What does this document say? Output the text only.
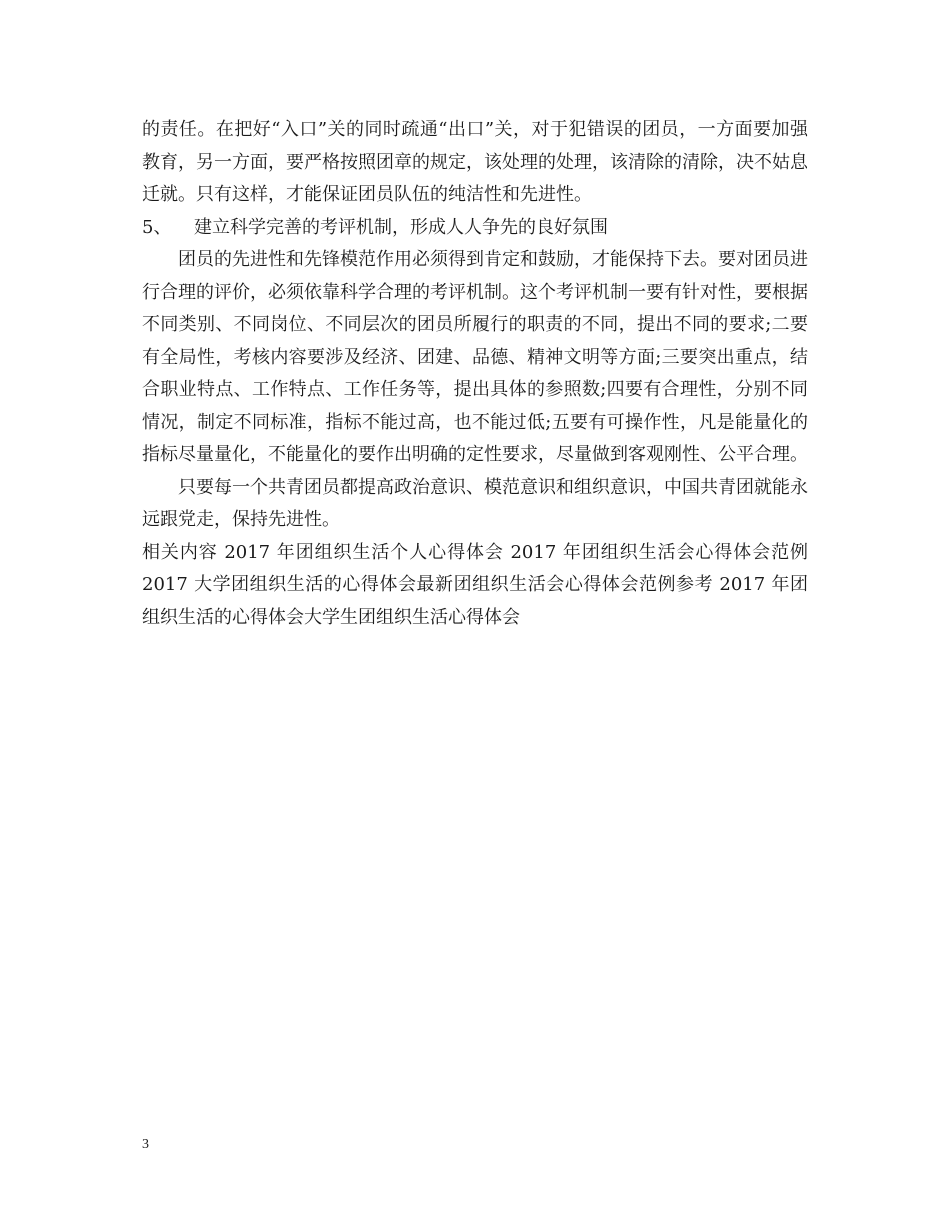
的责任。在把好“入口”关的同时疏通“出口”关，对于犯错误的团员，一方面要加强教育，另一方面，要严格按照团章的规定，该处理的处理，该清除的清除，决不姑息迁就。只有这样，才能保证团员队伍的纯洁性和先进性。

5、 建立科学完善的考评机制，形成人人争先的良好氛围

团员的先进性和先锋模范作用必须得到肯定和鼓励，才能保持下去。要对团员进行合理的评价，必须依靠科学合理的考评机制。这个考评机制一要有针对性，要根据不同类别、不同岗位、不同层次的团员所履行的职责的不同，提出不同的要求;二要有全局性，考核内容要涉及经济、团建、品德、精神文明等方面;三要突出重点，结合职业特点、工作特点、工作任务等，提出具体的参照数;四要有合理性，分别不同情况，制定不同标准，指标不能过高，也不能过低;五要有可操作性，凡是能量化的指标尽量量化，不能量化的要作出明确的定性要求，尽量做到客观刚性、公平合理。

只要每一个共青团员都提高政治意识、模范意识和组织意识，中国共青团就能永远跟党走，保持先进性。

相关内容 2017 年团组织生活个人心得体会 2017 年团组织生活会心得体会范例 2017 大学团组织生活的心得体会最新团组织生活会心得体会范例参考 2017 年团组织生活的心得体会大学生团组织生活心得体会

3
